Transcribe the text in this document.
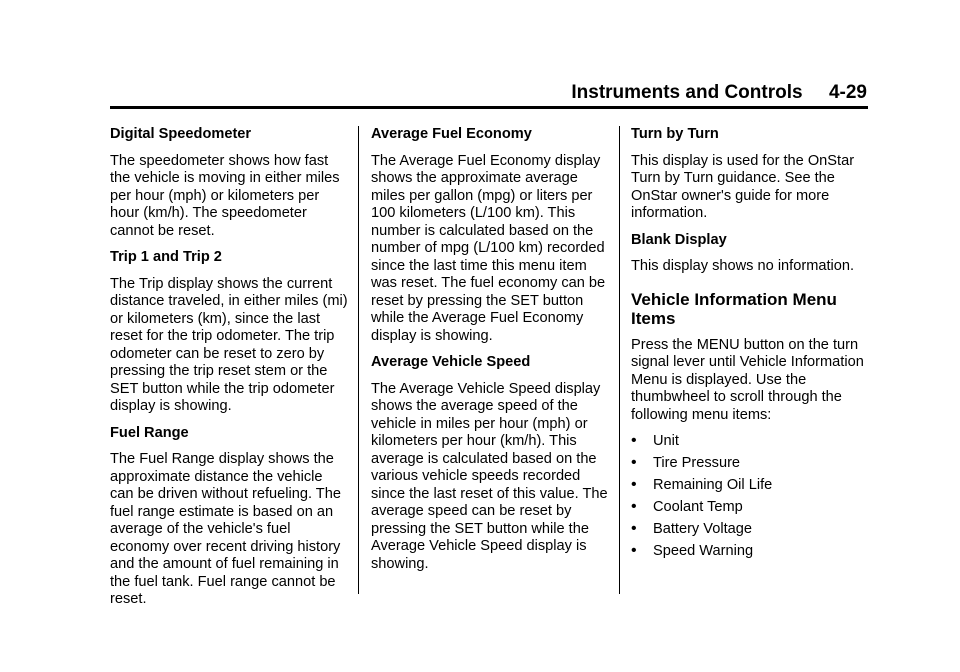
Instruments and Controls 4-29
Digital Speedometer
The speedometer shows how fast the vehicle is moving in either miles per hour (mph) or kilometers per hour (km/h). The speedometer cannot be reset.
Trip 1 and Trip 2
The Trip display shows the current distance traveled, in either miles (mi) or kilometers (km), since the last reset for the trip odometer. The trip odometer can be reset to zero by pressing the trip reset stem or the SET button while the trip odometer display is showing.
Fuel Range
The Fuel Range display shows the approximate distance the vehicle can be driven without refueling. The fuel range estimate is based on an average of the vehicle's fuel economy over recent driving history and the amount of fuel remaining in the fuel tank. Fuel range cannot be reset.
Average Fuel Economy
The Average Fuel Economy display shows the approximate average miles per gallon (mpg) or liters per 100 kilometers (L/100 km). This number is calculated based on the number of mpg (L/100 km) recorded since the last time this menu item was reset. The fuel economy can be reset by pressing the SET button while the Average Fuel Economy display is showing.
Average Vehicle Speed
The Average Vehicle Speed display shows the average speed of the vehicle in miles per hour (mph) or kilometers per hour (km/h). This average is calculated based on the various vehicle speeds recorded since the last reset of this value. The average speed can be reset by pressing the SET button while the Average Vehicle Speed display is showing.
Turn by Turn
This display is used for the OnStar Turn by Turn guidance. See the OnStar owner's guide for more information.
Blank Display
This display shows no information.
Vehicle Information Menu Items
Press the MENU button on the turn signal lever until Vehicle Information Menu is displayed. Use the thumbwheel to scroll through the following menu items:
•	Unit
•	Tire Pressure
•	Remaining Oil Life
•	Coolant Temp
•	Battery Voltage
•	Speed Warning
